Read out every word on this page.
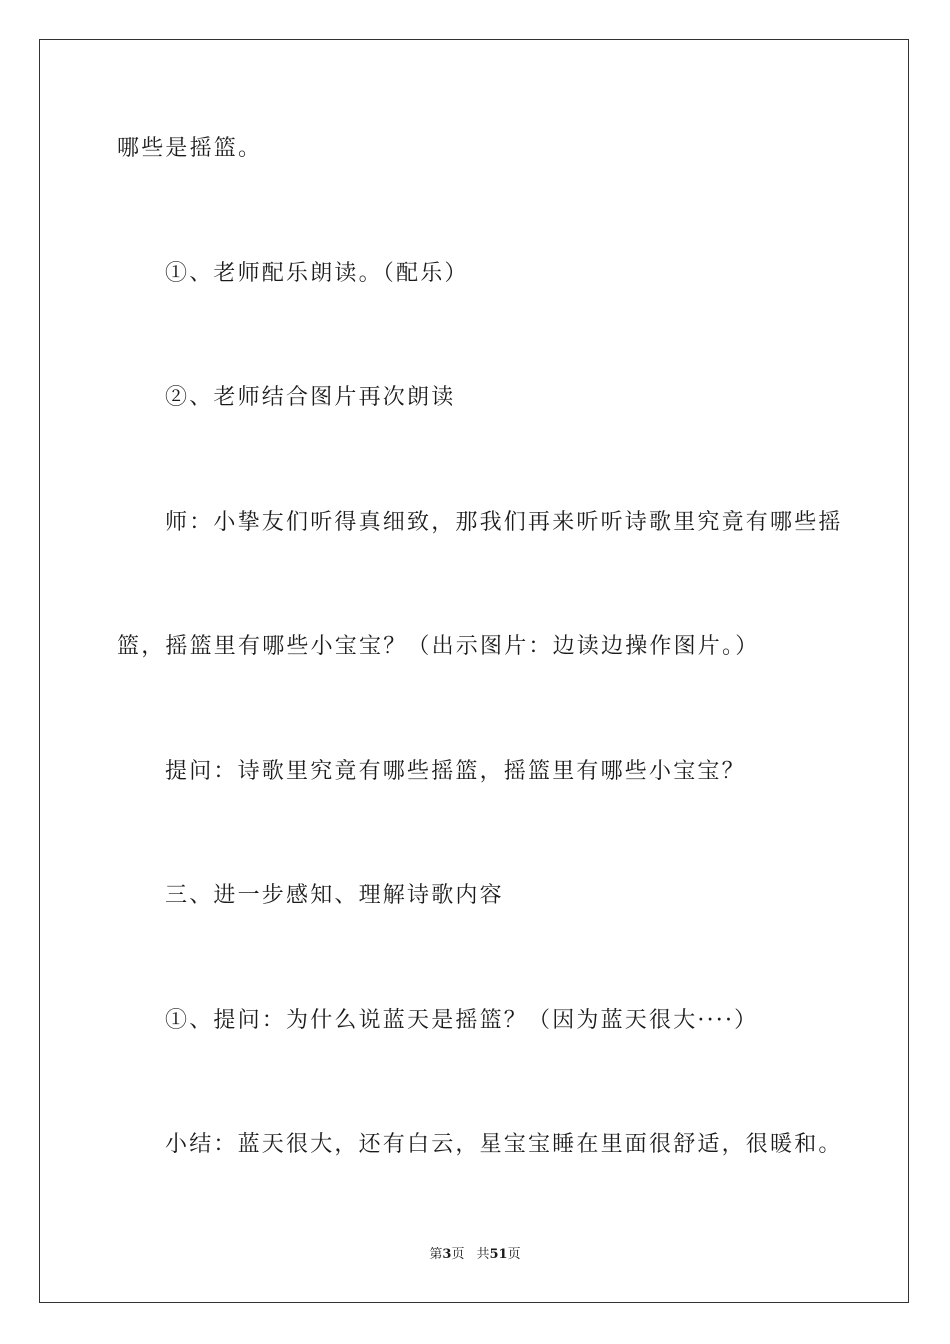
哪些是摇篮。
①、老师配乐朗读。（配乐）
②、老师结合图片再次朗读
师：小挚友们听得真细致，那我们再来听听诗歌里究竟有哪些摇
篮，摇篮里有哪些小宝宝？（出示图片：边读边操作图片。）
提问：诗歌里究竟有哪些摇篮，摇篮里有哪些小宝宝？
三、进一步感知、理解诗歌内容
①、提问：为什么说蓝天是摇篮？（因为蓝天很大····）
小结：蓝天很大，还有白云，星宝宝睡在里面很舒适，很暖和。
第3页 共51页
